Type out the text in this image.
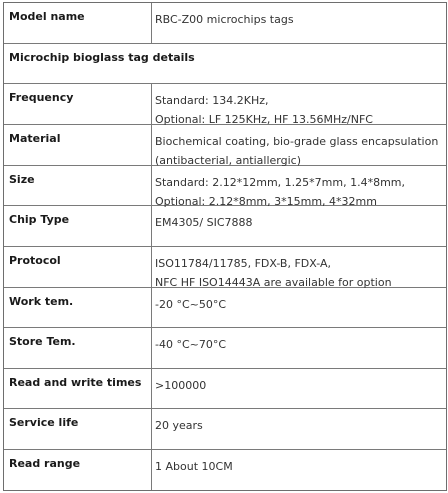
Model name	RBC-Z00 microchips tags
Microchip bioglass tag details
Frequency	Standard: 134.2KHz,
Optional: LF 125KHz, HF 13.56MHz/NFC
Material	Biochemical coating, bio-grade glass encapsulation
(antibacterial, antiallergic)
Size	Standard: 2.12*12mm, 1.25*7mm, 1.4*8mm,
Optional: 2.12*8mm, 3*15mm, 4*32mm
Chip Type	EM4305/ SIC7888
Protocol	ISO11784/11785, FDX-B, FDX-A,
NFC HF ISO14443A are available for option
Work tem.	-20 °C~50°C
Store Tem.	-40 °C~70°C
Read and write times	>100000
Service life	20 years
Read range	1 About 10CM
